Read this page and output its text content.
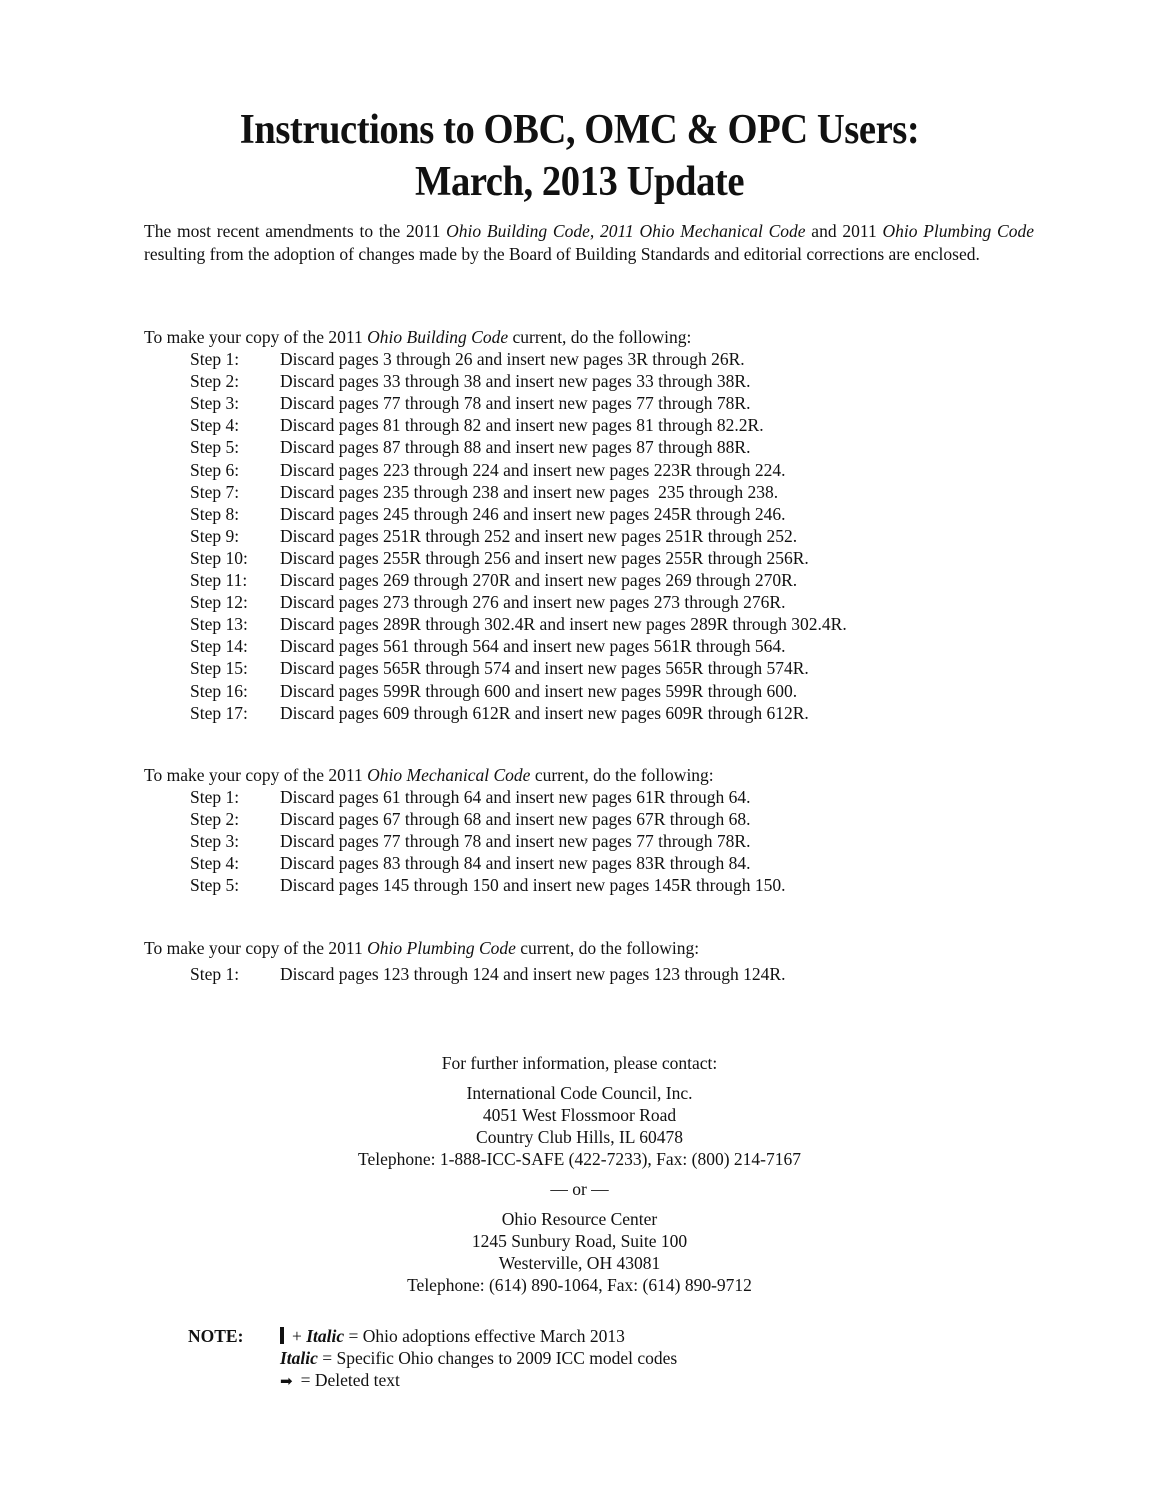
Instructions to OBC, OMC & OPC Users:
March, 2013 Update

The most recent amendments to the 2011 Ohio Building Code, 2011 Ohio Mechanical Code and 2011 Ohio Plumbing Code resulting from the adoption of changes made by the Board of Building Standards and editorial corrections are enclosed.

To make your copy of the 2011 Ohio Building Code current, do the following:

Step 1:	Discard pages 3 through 26 and insert new pages 3R through 26R.
Step 2:	Discard pages 33 through 38 and insert new pages 33 through 38R.
Step 3:	Discard pages 77 through 78 and insert new pages 77 through 78R.
Step 4:	Discard pages 81 through 82 and insert new pages 81 through 82.2R.
Step 5:	Discard pages 87 through 88 and insert new pages 87 through 88R.
Step 6:	Discard pages 223 through 224 and insert new pages 223R through 224.
Step 7:	Discard pages 235 through 238 and insert new pages  235 through 238.
Step 8:	Discard pages 245 through 246 and insert new pages 245R through 246.
Step 9:	Discard pages 251R through 252 and insert new pages 251R through 252.
Step 10:	Discard pages 255R through 256 and insert new pages 255R through 256R.
Step 11:	Discard pages 269 through 270R and insert new pages 269 through 270R.
Step 12:	Discard pages 273 through 276 and insert new pages 273 through 276R.
Step 13:	Discard pages 289R through 302.4R and insert new pages 289R through 302.4R.
Step 14:	Discard pages 561 through 564 and insert new pages 561R through 564.
Step 15:	Discard pages 565R through 574 and insert new pages 565R through 574R.
Step 16:	Discard pages 599R through 600 and insert new pages 599R through 600.
Step 17:	Discard pages 609 through 612R and insert new pages 609R through 612R.

To make your copy of the 2011 Ohio Mechanical Code current, do the following:

Step 1:	Discard pages 61 through 64 and insert new pages 61R through 64.
Step 2:	Discard pages 67 through 68 and insert new pages 67R through 68.
Step 3:	Discard pages 77 through 78 and insert new pages 77 through 78R.
Step 4:	Discard pages 83 through 84 and insert new pages 83R through 84.
Step 5:	Discard pages 145 through 150 and insert new pages 145R through 150.

To make your copy of the 2011 Ohio Plumbing Code current, do the following:

Step 1:	Discard pages 123 through 124 and insert new pages 123 through 124R.
For further information, please contact:
International Code Council, Inc.
4051 West Flossmoor Road
Country Club Hills, IL 60478
Telephone: 1-888-ICC-SAFE (422-7233), Fax: (800) 214-7167
— or —
Ohio Resource Center
1245 Sunbury Road, Suite 100
Westerville, OH 43081
Telephone: (614) 890-1064, Fax: (614) 890-9712
NOTE:	+ Italic = Ohio adoptions effective March 2013
Italic = Specific Ohio changes to 2009 ICC model codes
➡ = Deleted text
